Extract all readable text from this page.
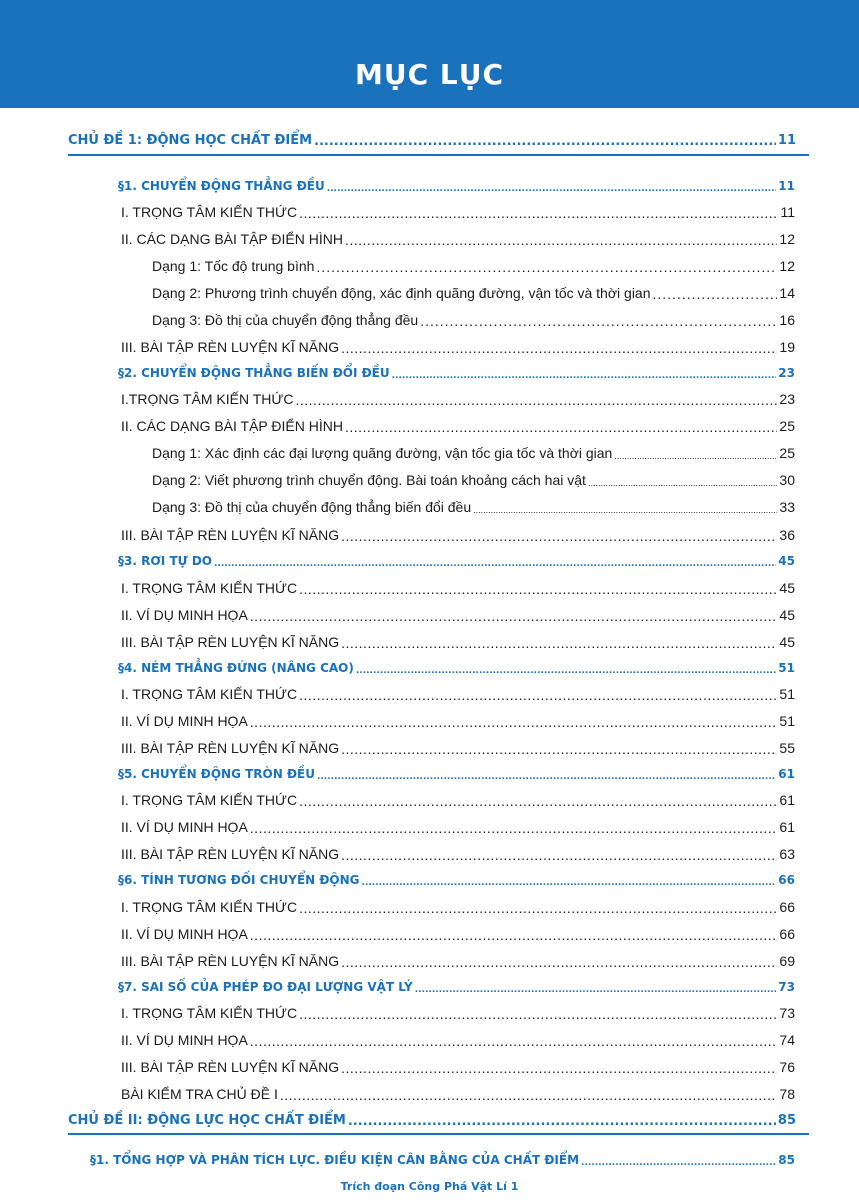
MỤC LỤC
CHỦ ĐỀ 1: ĐỘNG HỌC CHẤT ĐIỂM .....	11
§1. CHUYỂN ĐỘNG THẲNG ĐỀU .....	11
I. TRỌNG TÂM KIẾN THỨC .....	11
II. CÁC DẠNG BÀI TẬP ĐIỂN HÌNH .....	12
Dạng 1: Tốc độ trung bình .....	12
Dạng 2: Phương trình chuyển động, xác định quãng đường, vận tốc và thời gian .....	14
Dạng 3: Đồ thị của chuyển động thẳng đều .....	16
III. BÀI TẬP RÈN LUYỆN KĨ NĂNG .....	19
§2. CHUYỂN ĐỘNG THẲNG BIẾN ĐỔI ĐỀU .....	23
I.TRỌNG TÂM KIẾN THỨC .....	23
II. CÁC DẠNG BÀI TẬP ĐIỂN HÌNH .....	25
Dạng 1: Xác định các đại lượng quãng đường, vận tốc gia tốc và thời gian .....	25
Dạng 2: Viết phương trình chuyển động. Bài toán khoảng cách hai vật .....	30
Dạng 3: Đồ thị của chuyển động thẳng biến đổi đều .....	33
III. BÀI TẬP RÈN LUYỆN KĨ NĂNG .....	36
§3. RƠI TỰ DO .....	45
I. TRỌNG TÂM KIẾN THỨC .....	45
II. VÍ DỤ MINH HỌA .....	45
III. BÀI TẬP RÈN LUYỆN KĨ NĂNG .....	45
§4. NÉM THẲNG ĐỨNG (NÂNG CAO) .....	51
I. TRỌNG TÂM KIẾN THỨC .....	51
II. VÍ DỤ MINH HỌA .....	51
III. BÀI TẬP RÈN LUYỆN KĨ NĂNG .....	55
§5. CHUYỂN ĐỘNG TRÒN ĐỀU .....	61
I. TRỌNG TÂM KIẾN THỨC .....	61
II. VÍ DỤ MINH HỌA .....	61
III. BÀI TẬP RÈN LUYỆN KĨ NĂNG .....	63
§6. TÍNH TƯƠNG ĐỐI CHUYỂN ĐỘNG .....	66
I. TRỌNG TÂM KIẾN THỨC .....	66
II. VÍ DỤ MINH HỌA .....	66
III. BÀI TẬP RÈN LUYỆN KĨ NĂNG .....	69
§7. SAI SỐ CỦA PHÉP ĐO ĐẠI LƯỢNG VẬT LÝ .....	73
I. TRỌNG TÂM KIẾN THỨC .....	73
II. VÍ DỤ MINH HỌA .....	74
III. BÀI TẬP RÈN LUYỆN KĨ NĂNG .....	76
BÀI KIỂM TRA CHỦ ĐỀ I .....	78
CHỦ ĐỀ II: ĐỘNG LỰC HỌC CHẤT ĐIỂM .....	85
§1. TỔNG HỢP VÀ PHÂN TÍCH LỰC. ĐIỀU KIỆN CÂN BẰNG CỦA CHẤT ĐIỂM .....	85
Trích đoạn Công Phá Vật Lí 1
